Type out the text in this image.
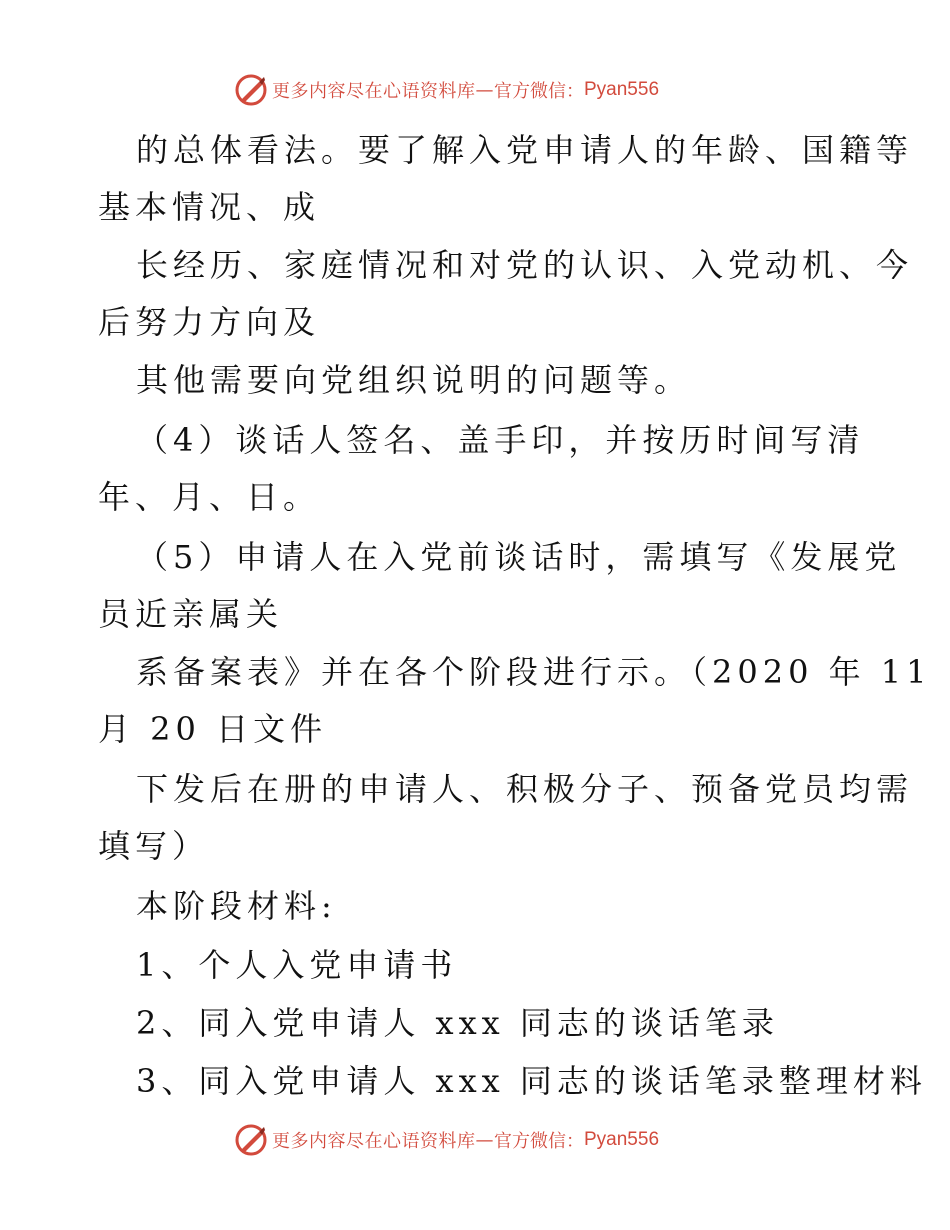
更多内容尽在心语资料库 — 官方微信： Pyan556
的总体看法。要了解入党申请人的年龄、国籍等
基本情况、成
长经历、家庭情况和对党的认识、入党动机、今
后努力方向及
其他需要向党组织说明的问题等。
（4）谈话人签名、盖手印，并按历时间写清
年、月、日。
（5）申请人在入党前谈话时，需填写《发展党
员近亲属关
系备案表》并在各个阶段进行示。（2020 年 11
月 20 日文件
下发后在册的申请人、积极分子、预备党员均需
填写）
本阶段材料:
1、个人入党申请书
2、同入党申请人 xxx 同志的谈话笔录
3、同入党申请人 xxx 同志的谈话笔录整理材料
更多内容尽在心语资料库 — 官方微信： Pyan556
